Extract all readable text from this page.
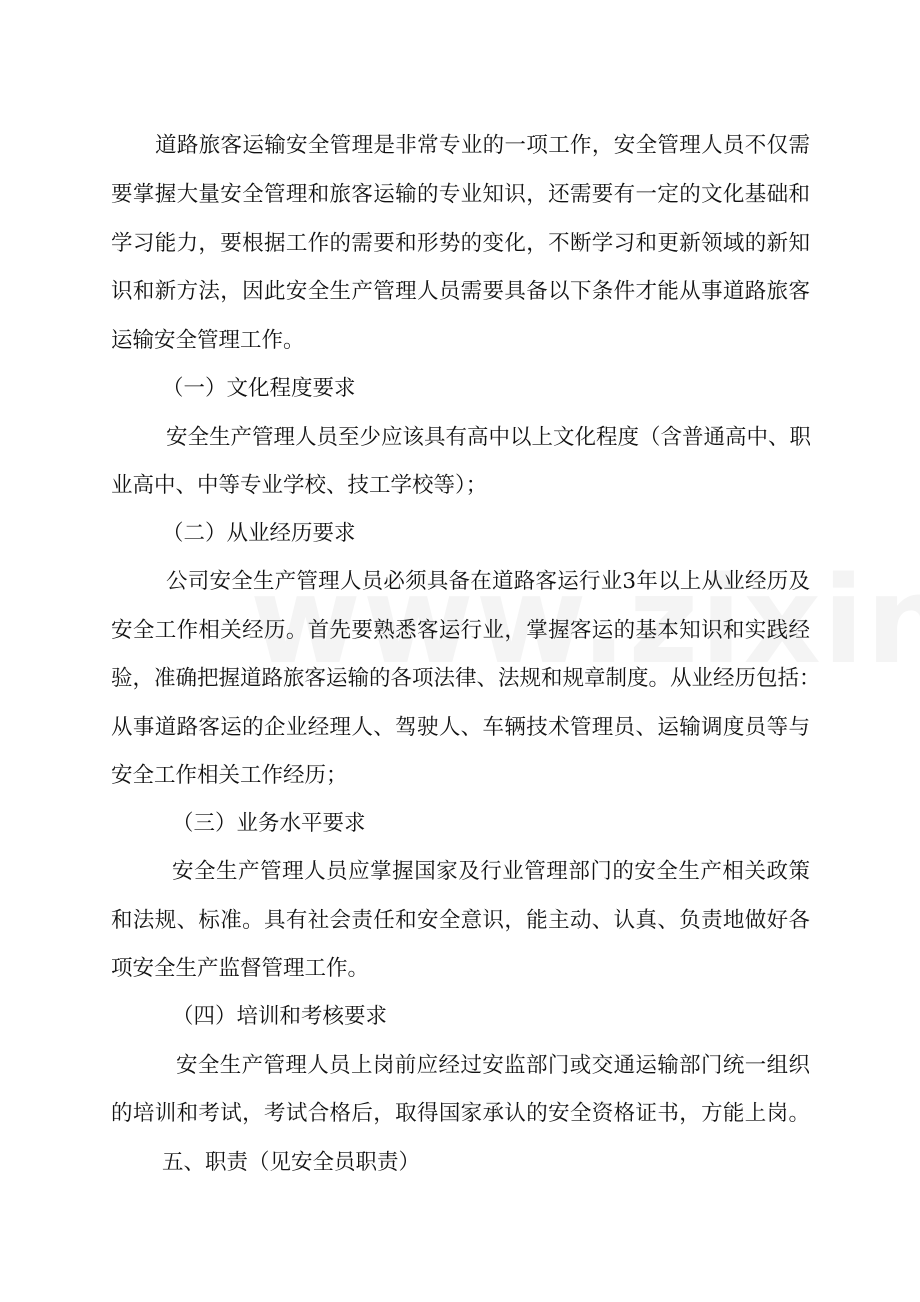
道路旅客运输安全管理是非常专业的一项工作，安全管理人员不仅需
要掌握大量安全管理和旅客运输的专业知识，还需要有一定的文化基础和
学习能力，要根据工作的需要和形势的变化，不断学习和更新领域的新知
识和新方法，因此安全生产管理人员需要具备以下条件才能从事道路旅客
运输安全管理工作。
（一）文化程度要求
安全生产管理人员至少应该具有高中以上文化程度（含普通高中、职
业高中、中等专业学校、技工学校等）；
（二）从业经历要求
公司安全生产管理人员必须具备在道路客运行业3年以上从业经历及
安全工作相关经历。首先要熟悉客运行业，掌握客运的基本知识和实践经
验，准确把握道路旅客运输的各项法律、法规和规章制度。从业经历包括：
从事道路客运的企业经理人、驾驶人、车辆技术管理员、运输调度员等与
安全工作相关工作经历；
（三）业务水平要求
安全生产管理人员应掌握国家及行业管理部门的安全生产相关政策
和法规、标准。具有社会责任和安全意识，能主动、认真、负责地做好各
项安全生产监督管理工作。
（四）培训和考核要求
安全生产管理人员上岗前应经过安监部门或交通运输部门统一组织
的培训和考试，考试合格后，取得国家承认的安全资格证书，方能上岗。
五、职责（见安全员职责）
